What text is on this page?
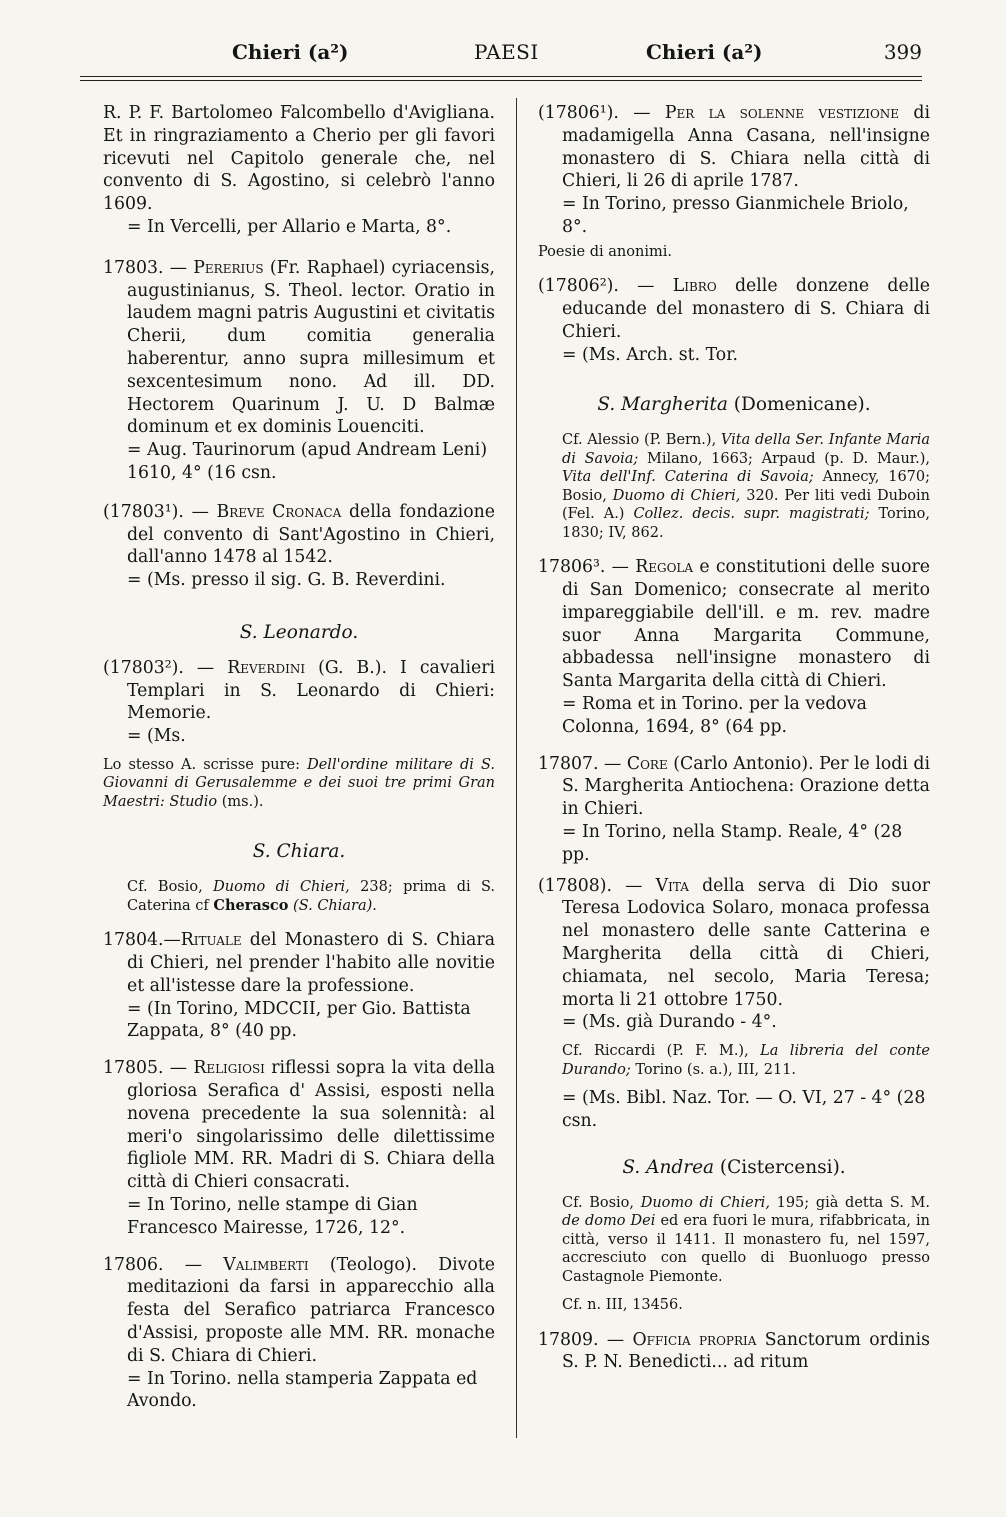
Chieri (a²)	PAESI	Chieri (a²)	399

R. P. F. Bartolomeo Falcombello d'Avigliana. Et in ringraziamento a Cherio per gli favori ricevuti nel Capitolo generale che, nel convento di S. Agostino, si celebrò l'anno 1609.

= In Vercelli, per Allario e Marta, 8°.

17803. — Pererius (Fr. Raphael) cyriacensis, augustinianus, S. Theol. lector. Oratio in laudem magni patris Augustini et civitatis Cherii, dum comitia generalia haberentur, anno supra millesimum et sexcentesimum nono. Ad ill. DD. Hectorem Quarinum J. U. D Balmæ dominum et ex dominis Louenciti.

= Aug. Taurinorum (apud Andream Leni) 1610, 4° (16 csn.

(17803¹). — Breve Cronaca della fondazione del convento di Sant'Agostino in Chieri, dall'anno 1478 al 1542.

= (Ms. presso il sig. G. B. Reverdini.

S. Leonardo.

(17803²). — Reverdini (G. B.). I cavalieri Templari in S. Leonardo di Chieri: Memorie.

= (Ms.

Lo stesso A. scrisse pure: Dell'ordine militare di S. Giovanni di Gerusalemme e dei suoi tre primi Gran Maestri: Studio (ms.).

S. Chiara.

Cf. Bosio, Duomo di Chieri, 238; prima di S. Caterina cf Cherasco (S. Chiara).

17804.—Rituale del Monastero di S. Chiara di Chieri, nel prender l'habito alle novitie et all'istesse dare la professione.

= (In Torino, MDCCII, per Gio. Battista Zappata, 8° (40 pp.

17805. — Religiosi riflessi sopra la vita della gloriosa Serafica d' Assisi, esposti nella novena precedente la sua solennità: al meri'o singolarissimo delle dilettissime figliole MM. RR. Madri di S. Chiara della città di Chieri consacrati.

= In Torino, nelle stampe di Gian Francesco Mairesse, 1726, 12°.

17806. — Valimberti (Teologo). Divote meditazioni da farsi in apparecchio alla festa del Serafico patriarca Francesco d'Assisi, proposte alle MM. RR. monache di S. Chiara di Chieri.

= In Torino. nella stamperia Zappata ed Avondo.

(17806¹). — Per la solenne vestizione di madamigella Anna Casana, nell'insigne monastero di S. Chiara nella città di Chieri, li 26 di aprile 1787.

= In Torino, presso Gianmichele Briolo, 8°.

Poesie di anonimi.

(17806²). — Libro delle donzene delle educande del monastero di S. Chiara di Chieri.

= (Ms. Arch. st. Tor.

S. Margherita (Domenicane).

Cf. Alessio (P. Bern.), Vita della Ser. Infante Maria di Savoia; Milano, 1663; Arpaud (p. D. Maur.), Vita dell'Inf. Caterina di Savoia; Annecy, 1670; Bosio, Duomo di Chieri, 320. Per liti vedi Duboin (Fel. A.) Collez. decis. supr. magistrati; Torino, 1830; IV, 862.

17806³. — Regola e constitutioni delle suore di San Domenico; consecrate al merito impareggiabile dell'ill. e m. rev. madre suor Anna Margarita Commune, abbadessa nell'insigne monastero di Santa Margarita della città di Chieri.

= Roma et in Torino. per la vedova Colonna, 1694, 8° (64 pp.

17807. — Core (Carlo Antonio). Per le lodi di S. Margherita Antiochena: Orazione detta in Chieri.

= In Torino, nella Stamp. Reale, 4° (28 pp.

(17808). — Vita della serva di Dio suor Teresa Lodovica Solaro, monaca professa nel monastero delle sante Catterina e Margherita della città di Chieri, chiamata, nel secolo, Maria Teresa; morta li 21 ottobre 1750.

= (Ms. già Durando - 4°.

Cf. Riccardi (P. F. M.), La libreria del conte Durando; Torino (s. a.), III, 211.

= (Ms. Bibl. Naz. Tor. — O. VI, 27 - 4° (28 csn.

S. Andrea (Cistercensi).

Cf. Bosio, Duomo di Chieri, 195; già detta S. M. de domo Dei ed era fuori le mura, rifabbricata, in città, verso il 1411. Il monastero fu, nel 1597, accresciuto con quello di Buonluogo presso Castagnole Piemonte.

Cf. n. III, 13456.

17809. — Officia propria Sanctorum ordinis S. P. N. Benedicti... ad ritum
